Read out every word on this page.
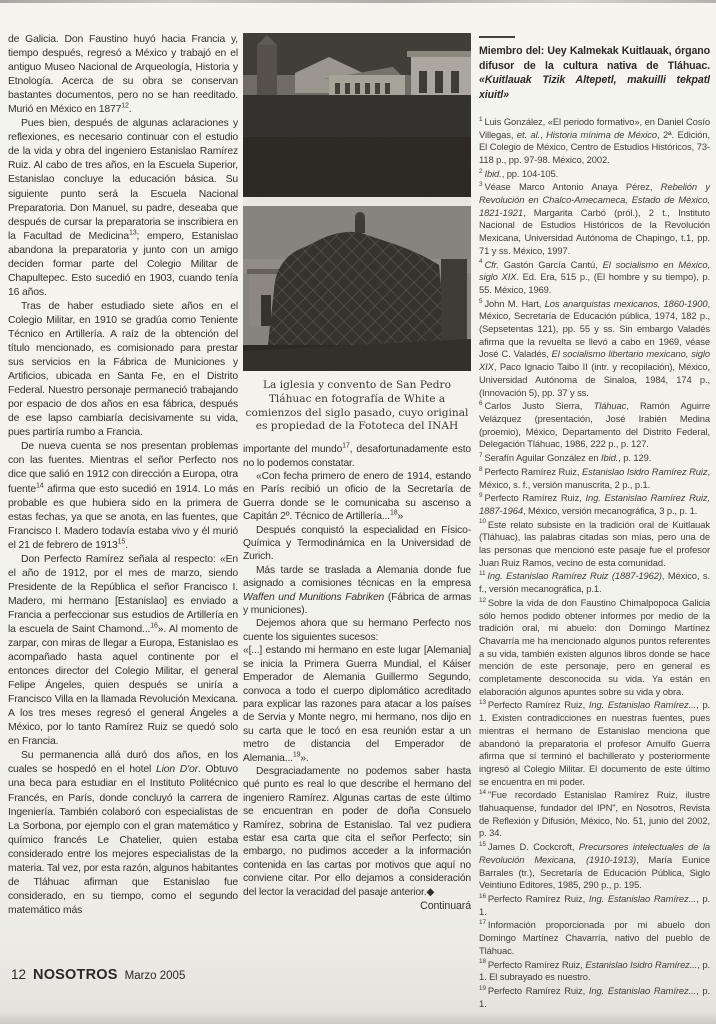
de Galicia. Don Faustino huyó hacia Francia y, tiempo después, regresó a México y trabajó en el antiguo Museo Nacional de Arqueología, Historia y Etnología. Acerca de su obra se conservan bastantes documentos, pero no se han reeditado. Murió en México en 1877$^{12}$.

Pues bien, después de algunas aclaraciones y reflexiones, es necesario continuar con el estudio de la vida y obra del ingeniero Estanislao Ramírez Ruiz. Al cabo de tres años, en la Escuela Superior, Estanislao concluye la educación básica. Su siguiente punto será la Escuela Nacional Preparatoria. Don Manuel, su padre, deseaba que después de cursar la preparatoria se inscribiera en la Facultad de Medicina$^{13}$; empero, Estanislao abandona la preparatoria y junto con un amigo deciden formar parte del Colegio Militar de Chapultepec. Esto sucedió en 1903, cuando tenía 16 años.

Tras de haber estudiado siete años en el Colegio Militar, en 1910 se gradúa como Teniente Técnico en Artillería. A raíz de la obtención del título mencionado, es comisionado para prestar sus servicios en la Fábrica de Municiones y Artificios, ubicada en Santa Fe, en el Distrito Federal. Nuestro personaje permaneció trabajando por espacio de dos años en esa fábrica, después de ese lapso cambiaría decisivamente su vida, pues partiría rumbo a Francia.

De nueva cuenta se nos presentan problemas con las fuentes. Mientras el señor Perfecto nos dice que salió en 1912 con dirección a Europa, otra fuente$^{14}$ afirma que esto sucedió en 1914. Lo más probable es que hubiera sido en la primera de estas fechas, ya que se anota, en las fuentes, que Francisco I. Madero todavía estaba vivo y él murió el 21 de febrero de 1913$^{15}$.

Don Perfecto Ramírez señala al respecto: «En el año de 1912, por el mes de marzo, siendo Presidente de la República el señor Francisco I. Madero, mi hermano [Estanislao] es enviado a Francia a perfeccionar sus estudios de Artillería en la escuela de Saint Chamond...$^{16}$». Al momento de zarpar, con miras de llegar a Europa, Estanislao es acompañado hasta aquel continente por el entonces director del Colegio Militar, el general Felipe Ángeles, quien después se uniría a Francisco Villa en la llamada Revolución Mexicana. A los tres meses regresó el general Ángeles a México, por lo tanto Ramírez Ruiz se quedó solo en Francia.

Su permanencia allá duró dos años, en los cuales se hospedó en el hotel Lion D'or. Obtuvo una beca para estudiar en el Instituto Politécnico Francés, en París, donde concluyó la carrera de Ingeniería. También colaboró con especialistas de La Sorbona, por ejemplo con el gran matemático y químico francés Le Chatelier, quien estaba considerado entre los mejores especialistas de la materia. Tal vez, por esta razón, algunos habitantes de Tláhuac afirman que Estanislao fue considerado, en su tiempo, como el segundo matemático más

La iglesia y convento de San Pedro Tláhuac en fotografía de White a comienzos del siglo pasado, cuyo original es propiedad de la Fototeca del INAH

importante del mundo$^{17}$, desafortunadamente esto no lo podemos constatar.

«Con fecha primero de enero de 1914, estando en París recibió un oficio de la Secretaría de Guerra donde se le comunicaba su ascenso a Capitán 2º. Técnico de Artillería...$^{18}$»

Después conquistó la especialidad en Físico-Química y Termodinámica en la Universidad de Zurich.

Más tarde se traslada a Alemania donde fue asignado a comisiones técnicas en la empresa Waffen und Munitions Fabriken (Fábrica de armas y municiones).

Dejemos ahora que su hermano Perfecto nos cuente los siguientes sucesos:

«[...] estando mi hermano en este lugar [Alemania] se inicia la Primera Guerra Mundial, el Káiser Emperador de Alemania Guillermo Segundo, convoca a todo el cuerpo diplomático acreditado para explicar las razones para atacar a los países de Servia y Monte negro, mi hermano, nos dijo en su carta que le tocó en esa reunión estar a un metro de distancia del Emperador de Alemania...$^{19}$».

Desgraciadamente no podemos saber hasta qué punto es real lo que describe el hermano del ingeniero Ramírez. Algunas cartas de este último se encuentran en poder de doña Consuelo Ramírez, sobrina de Estanislao. Tal vez pudiera estar esa carta que cita el señor Perfecto; sin embargo, no pudimos acceder a la información contenida en las cartas por motivos que aquí no conviene citar. Por ello dejamos a consideración del lector la veracidad del pasaje anterior.◆

Continuará

Miembro del: Uey Kalmekak Kuitlauak, órgano difusor de la cultura nativa de Tláhuac. «Kuitlauak Tizik Altepetl, makuilli tekpatl xiuitl»

$^1$ Luis González, «El periodo formativo», en Daniel Cosío Villegas, et. al., Historia mínima de México, 2ª. Edición, El Colegio de México, Centro de Estudios Históricos, 73-118 p., pp. 97-98. México, 2002.

$^2$ Ibid., pp. 104-105.

$^3$ Véase Marco Antonio Anaya Pérez, Rebelión y Revolución en Chalco-Amecameca, Estado de México, 1821-1921, Margarita Carbó (pról.), 2 t., Instituto Nacional de Estudios Históricos de la Revolución Mexicana, Universidad Autónoma de Chapingo, t.1, pp. 71 y ss. México, 1997.

$^4$ Cfr. Gastón García Cantú, El socialismo en México, siglo XIX. Ed. Era, 515 p., (El hombre y su tiempo), p. 55. México, 1969.

$^5$ John M. Hart, Los anarquistas mexicanos, 1860-1900, México, Secretaría de Educación pública, 1974, 182 p., (Sepsetentas 121), pp. 55 y ss. Sin embargo Valadés afirma que la revuelta se llevó a cabo en 1969, véase José C. Valadés, El socialismo libertario mexicano, siglo XIX, Paco Ignacio Taibo II (intr. y recopilación), México, Universidad Autónoma de Sinaloa, 1984, 174 p., (Innovación 5), pp. 37 y ss.

$^6$ Carlos Justo Sierra, Tláhuac, Ramón Aguirre Velázquez (presentación, José Irabién Medina (proemio), México, Departamento del Distrito Federal, Delegación Tláhuac, 1986, 222 p., p. 127.

$^7$ Serafín Aguilar González en Ibid., p. 129.

$^8$ Perfecto Ramírez Ruiz, Estanislao Isidro Ramírez Ruiz, México, s. f., versión manuscrita, 2 p., p.1.

$^9$ Perfecto Ramírez Ruiz, Ing. Estanislao Ramírez Ruiz, 1887-1964, México, versión mecanográfica, 3 p., p. 1.

$^{10}$ Este relato subsiste en la tradición oral de Kuitlauak (Tláhuac), las palabras citadas son mías, pero una de las personas que mencionó este pasaje fue el profesor Juan Ruiz Ramos, vecino de esta comunidad.

$^{11}$ Ing. Estanislao Ramírez Ruiz (1887-1962), México, s. f., versión mecanográfica, p.1.

$^{12}$ Sobre la vida de don Faustino Chimalpopoca Galicia sólo hemos podido obtener informes por medio de la tradición oral, mi abuelo: don Domingo Martínez Chavarría me ha mencionado algunos puntos referentes a su vida, también existen algunos libros donde se hace mención de este personaje, pero en general es completamente desconocida su vida. Ya están en elaboración algunos apuntes sobre su vida y obra.

$^{13}$ Perfecto Ramírez Ruiz, Ing. Estanislao Ramírez..., p. 1. Existen contradicciones en nuestras fuentes, pues mientras el hermano de Estanislao menciona que abandonó la preparatoria el profesor Arnulfo Guerra afirma que sí terminó el bachillerato y posteriormente ingresó al Colegio Militar. El documento de este último se encuentra en mi poder.

$^{14}$ "Fue recordado Estanislao Ramírez Ruiz, ilustre tlahuaquense, fundador del IPN", en Nosotros, Revista de Reflexión y Difusión, México, No. 51, junio del 2002, p. 34.

$^{15}$ James D. Cockcroft, Precursores intelectuales de la Revolución Mexicana, (1910-1913), María Eunice Barrales (tr.), Secretaría de Educación Pública, Siglo Veintiuno Editores, 1985, 290 p., p. 195.

$^{16}$ Perfecto Ramírez Ruiz, Ing. Estanislao Ramírez..., p. 1.

$^{17}$ Información proporcionada por mi abuelo don Domingo Martínez Chavarría, nativo del pueblo de Tláhuac.

$^{18}$ Perfecto Ramírez Ruiz, Estanislao Isidro Ramírez..., p. 1. El subrayado es nuestro.

$^{19}$ Perfecto Ramírez Ruiz, Ing. Estanislao Ramírez..., p. 1.

12 NOSOTROS Marzo 2005
